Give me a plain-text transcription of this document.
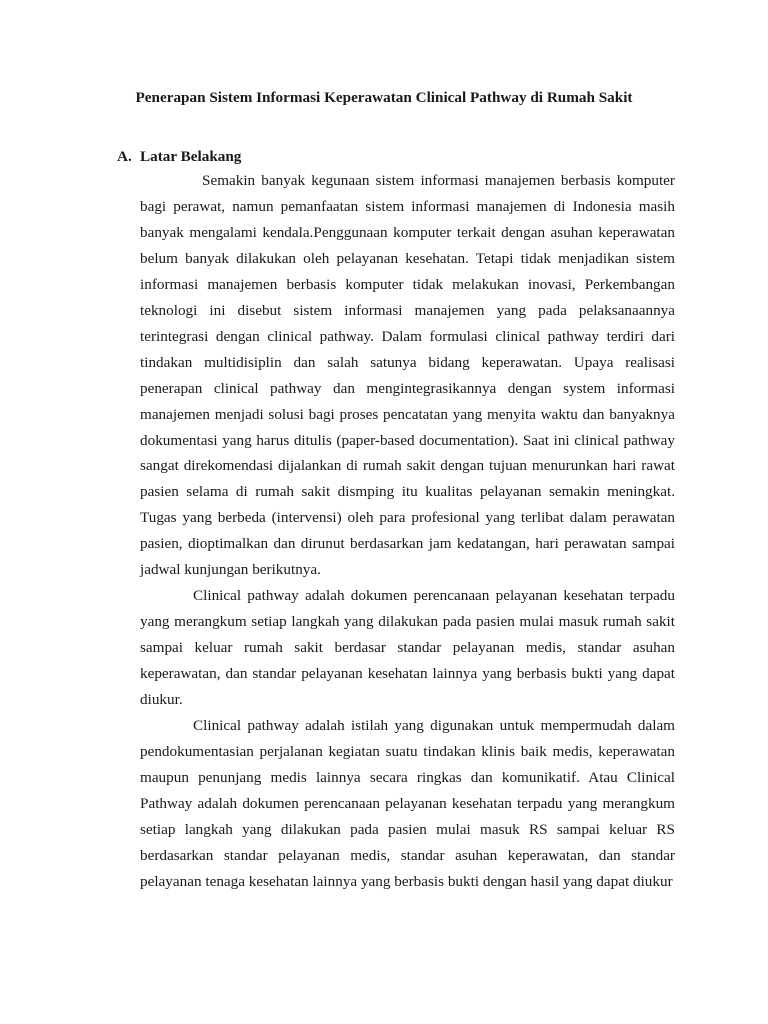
Penerapan Sistem Informasi Keperawatan Clinical Pathway di Rumah Sakit
A. Latar Belakang

Semakin banyak kegunaan sistem informasi manajemen berbasis komputer bagi perawat, namun pemanfaatan sistem informasi manajemen di Indonesia masih banyak mengalami kendala.Penggunaan komputer terkait dengan asuhan keperawatan belum banyak dilakukan oleh pelayanan kesehatan. Tetapi tidak menjadikan sistem informasi manajemen berbasis komputer tidak melakukan inovasi, Perkembangan teknologi ini disebut sistem informasi manajemen yang pada pelaksanaannya terintegrasi dengan clinical pathway. Dalam formulasi clinical pathway terdiri dari tindakan multidisiplin dan salah satunya bidang keperawatan. Upaya realisasi penerapan clinical pathway dan mengintegrasikannya dengan system informasi manajemen menjadi solusi bagi proses pencatatan yang menyita waktu dan banyaknya dokumentasi yang harus ditulis (paper-based documentation). Saat ini clinical pathway sangat direkomendasi dijalankan di rumah sakit dengan tujuan menurunkan hari rawat pasien selama di rumah sakit dismping itu kualitas pelayanan semakin meningkat. Tugas yang berbeda (intervensi) oleh para profesional yang terlibat dalam perawatan pasien, dioptimalkan dan dirunut berdasarkan jam kedatangan, hari perawatan sampai jadwal kunjungan berikutnya.

Clinical pathway adalah dokumen perencanaan pelayanan kesehatan terpadu yang merangkum setiap langkah yang dilakukan pada pasien mulai masuk rumah sakit sampai keluar rumah sakit berdasar standar pelayanan medis, standar asuhan keperawatan, dan standar pelayanan kesehatan lainnya yang berbasis bukti yang dapat diukur.

Clinical pathway adalah istilah yang digunakan untuk mempermudah dalam pendokumentasian perjalanan kegiatan suatu tindakan klinis baik medis, keperawatan maupun penunjang medis lainnya secara ringkas dan komunikatif. Atau Clinical Pathway adalah dokumen perencanaan pelayanan kesehatan terpadu yang merangkum setiap langkah yang dilakukan pada pasien mulai masuk RS sampai keluar RS berdasarkan standar pelayanan medis, standar asuhan keperawatan, dan standar pelayanan tenaga kesehatan lainnya yang berbasis bukti dengan hasil yang dapat diukur
